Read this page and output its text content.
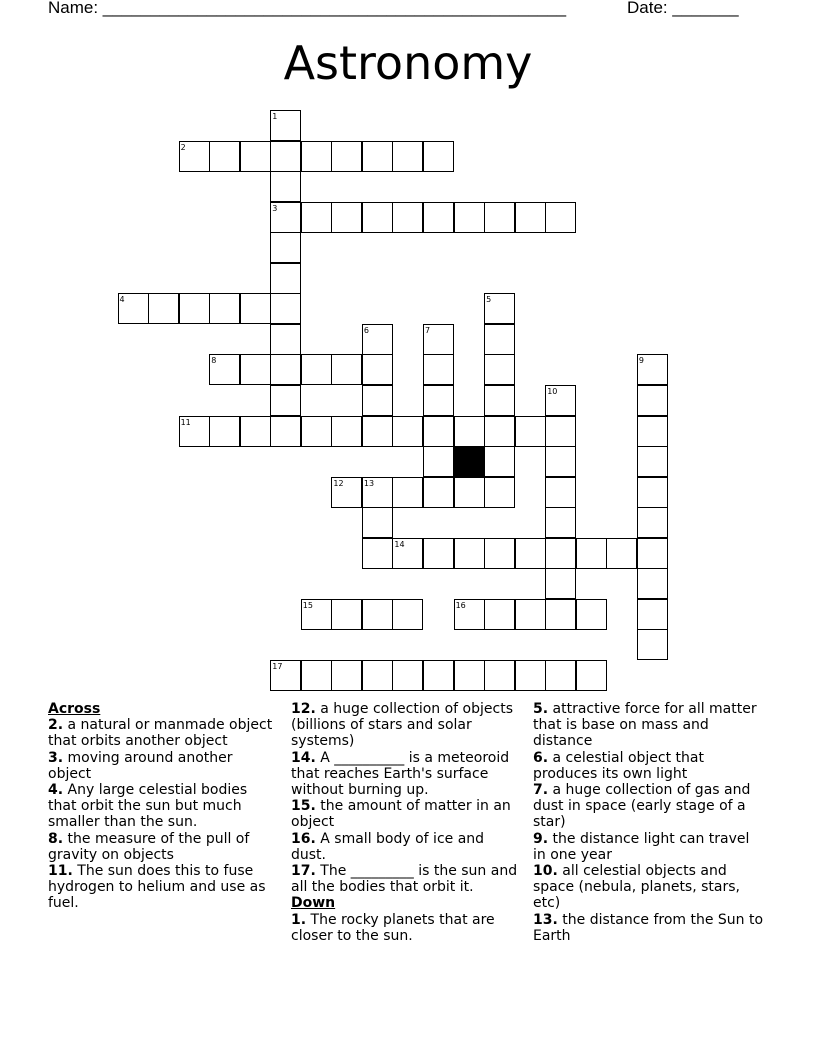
Name: _________________________________________________	Date: _______
Astronomy
2
3
4
8
11
12	13
14
15	16
17
1
5
6	7
9
10
Across

2. a natural or manmade object that orbits another object

3. moving around another object

4. Any large celestial bodies that orbit the sun but much smaller than the sun.

8. the measure of the pull of gravity on objects

11. The sun does this to fuse hydrogen to helium and use as fuel.

12. a huge collection of objects (billions of stars and solar systems)

14. A __________ is a meteoroid that reaches Earth's surface without burning up.

15. the amount of matter in an object

16. A small body of ice and dust.

17. The _________ is the sun and all the bodies that orbit it.

Down

1. The rocky planets that are closer to the sun.

5. attractive force for all matter that is base on mass and distance

6. a celestial object that produces its own light

7. a huge collection of gas and dust in space (early stage of a star)

9. the distance light can travel in one year

10. all celestial objects and space (nebula, planets, stars, etc)

13. the distance from the Sun to Earth
